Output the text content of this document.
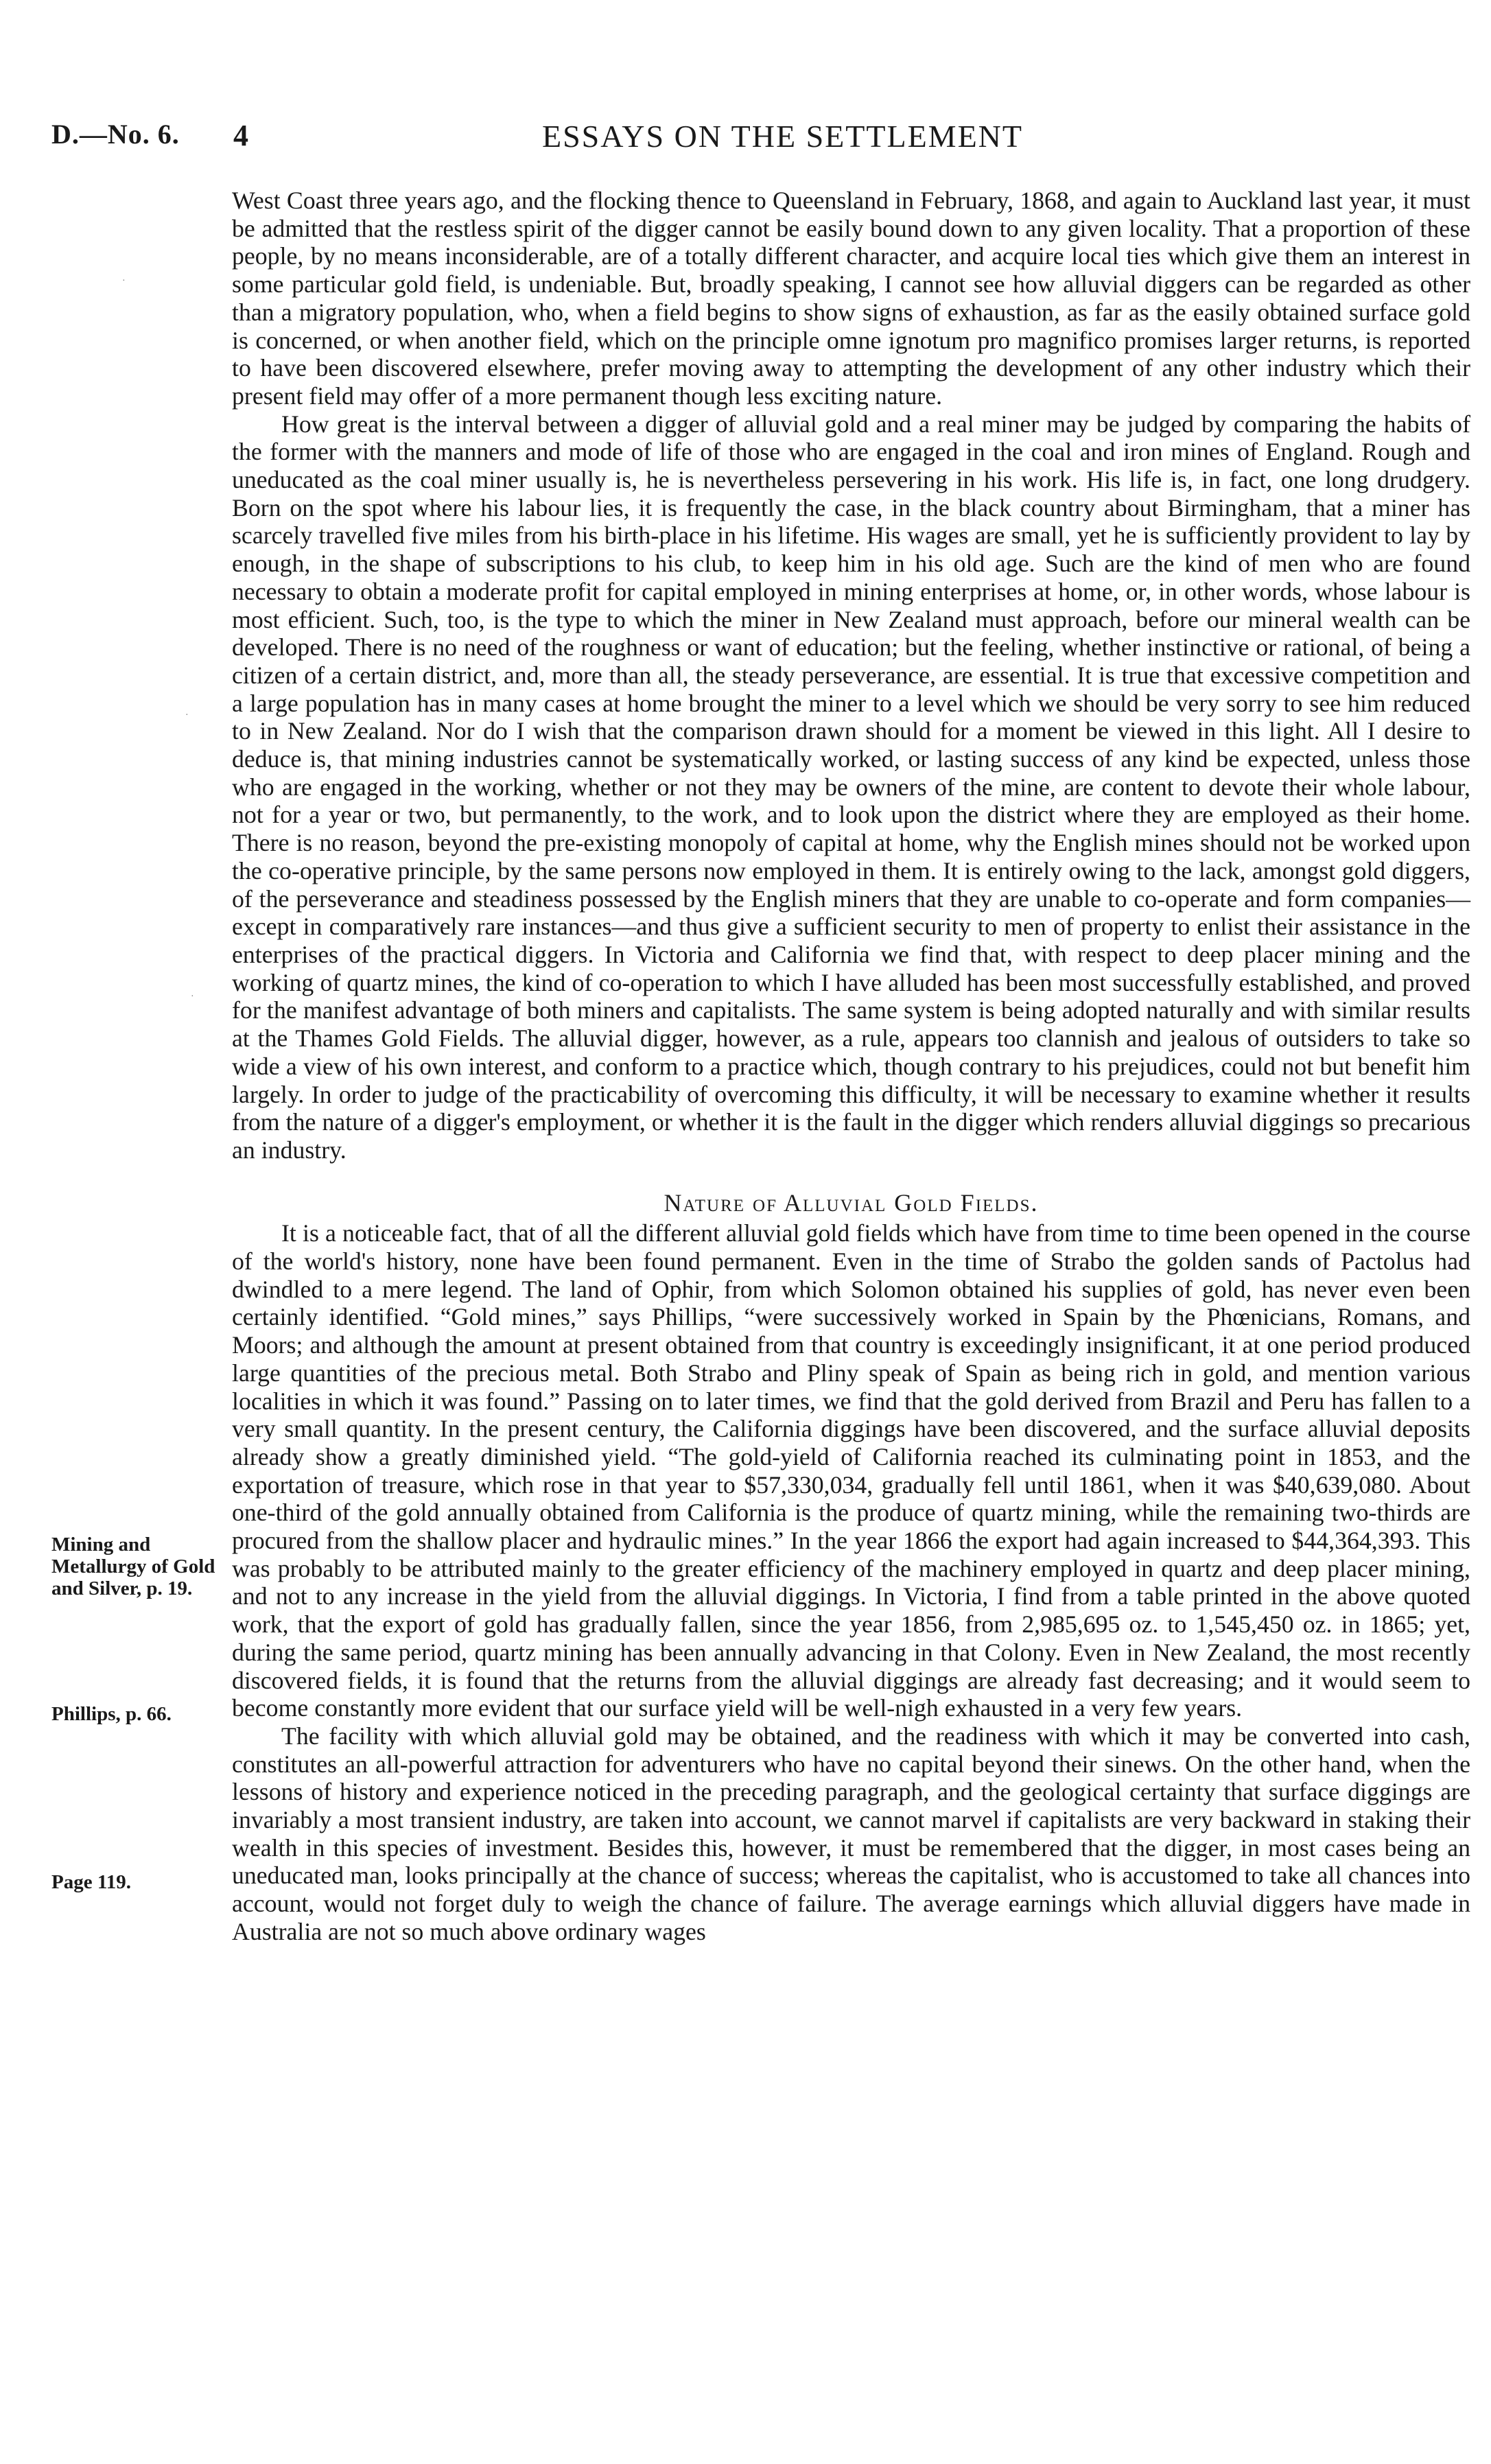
D.—No. 6. 4	ESSAYS ON THE SETTLEMENT

West Coast three years ago, and the flocking thence to Queensland in February, 1868, and again to Auckland last year, it must be admitted that the restless spirit of the digger cannot be easily bound down to any given locality. That a proportion of these people, by no means inconsiderable, are of a totally different character, and acquire local ties which give them an interest in some particular gold field, is undeniable. But, broadly speaking, I cannot see how alluvial diggers can be regarded as other than a migratory population, who, when a field begins to show signs of exhaustion, as far as the easily obtained surface gold is concerned, or when another field, which on the principle omne ignotum pro magnifico promises larger returns, is reported to have been discovered elsewhere, prefer moving away to attempting the development of any other industry which their present field may offer of a more permanent though less exciting nature.

How great is the interval between a digger of alluvial gold and a real miner may be judged by comparing the habits of the former with the manners and mode of life of those who are engaged in the coal and iron mines of England. Rough and uneducated as the coal miner usually is, he is nevertheless persevering in his work. His life is, in fact, one long drudgery. Born on the spot where his labour lies, it is frequently the case, in the black country about Birmingham, that a miner has scarcely travelled five miles from his birth-place in his lifetime. His wages are small, yet he is sufficiently provident to lay by enough, in the shape of subscriptions to his club, to keep him in his old age. Such are the kind of men who are found necessary to obtain a moderate profit for capital employed in mining enterprises at home, or, in other words, whose labour is most efficient. Such, too, is the type to which the miner in New Zealand must approach, before our mineral wealth can be developed. There is no need of the roughness or want of education; but the feeling, whether instinctive or rational, of being a citizen of a certain district, and, more than all, the steady perseverance, are essential. It is true that excessive competition and a large population has in many cases at home brought the miner to a level which we should be very sorry to see him reduced to in New Zealand. Nor do I wish that the comparison drawn should for a moment be viewed in this light. All I desire to deduce is, that mining industries cannot be systematically worked, or lasting success of any kind be expected, unless those who are engaged in the working, whether or not they may be owners of the mine, are content to devote their whole labour, not for a year or two, but permanently, to the work, and to look upon the district where they are employed as their home. There is no reason, beyond the pre-existing monopoly of capital at home, why the English mines should not be worked upon the co-operative principle, by the same persons now employed in them. It is entirely owing to the lack, amongst gold diggers, of the perseverance and steadiness possessed by the English miners that they are unable to co-operate and form companies—except in comparatively rare instances—and thus give a sufficient security to men of property to enlist their assistance in the enterprises of the practical diggers. In Victoria and California we find that, with respect to deep placer mining and the working of quartz mines, the kind of co-operation to which I have alluded has been most successfully established, and proved for the manifest advantage of both miners and capitalists. The same system is being adopted naturally and with similar results at the Thames Gold Fields. The alluvial digger, however, as a rule, appears too clannish and jealous of outsiders to take so wide a view of his own interest, and conform to a practice which, though contrary to his prejudices, could not but benefit him largely. In order to judge of the practicability of overcoming this difficulty, it will be necessary to examine whether it results from the nature of a digger's employment, or whether it is the fault in the digger which renders alluvial diggings so precarious an industry.

Nature of Alluvial Gold Fields.

It is a noticeable fact, that of all the different alluvial gold fields which have from time to time been opened in the course of the world's history, none have been found permanent. Even in the time of Strabo the golden sands of Pactolus had dwindled to a mere legend. The land of Ophir, from which Solomon obtained his supplies of gold, has never even been certainly identified. “Gold mines,” says Phillips, “were successively worked in Spain by the Phœnicians, Romans, and Moors; and although the amount at present obtained from that country is exceedingly insignificant, it at one period produced large quantities of the precious metal. Both Strabo and Pliny speak of Spain as being rich in gold, and mention various localities in which it was found.” Passing on to later times, we find that the gold derived from Brazil and Peru has fallen to a very small quantity. In the present century, the California diggings have been discovered, and the surface alluvial deposits already show a greatly diminished yield. “The gold-yield of California reached its culminating point in 1853, and the exportation of treasure, which rose in that year to $57,330,034, gradually fell until 1861, when it was $40,639,080. About one-third of the gold annually obtained from California is the produce of quartz mining, while the remaining two-thirds are procured from the shallow placer and hydraulic mines.” In the year 1866 the export had again increased to $44,364,393. This was probably to be attributed mainly to the greater efficiency of the machinery employed in quartz and deep placer mining, and not to any increase in the yield from the alluvial diggings. In Victoria, I find from a table printed in the above quoted work, that the export of gold has gradually fallen, since the year 1856, from 2,985,695 oz. to 1,545,450 oz. in 1865; yet, during the same period, quartz mining has been annually advancing in that Colony. Even in New Zealand, the most recently discovered fields, it is found that the returns from the alluvial diggings are already fast decreasing; and it would seem to become constantly more evident that our surface yield will be well-nigh exhausted in a very few years.

The facility with which alluvial gold may be obtained, and the readiness with which it may be converted into cash, constitutes an all-powerful attraction for adventurers who have no capital beyond their sinews. On the other hand, when the lessons of history and experience noticed in the preceding paragraph, and the geological certainty that surface diggings are invariably a most transient industry, are taken into account, we cannot marvel if capitalists are very backward in staking their wealth in this species of investment. Besides this, however, it must be remembered that the digger, in most cases being an uneducated man, looks principally at the chance of success; whereas the capitalist, who is accustomed to take all chances into account, would not forget duly to weigh the chance of failure. The average earnings which alluvial diggers have made in Australia are not so much above ordinary wages

Mining and Metallurgy of Gold and Silver, p. 19.
Phillips, p. 66.
Page 119.
·
·
·
